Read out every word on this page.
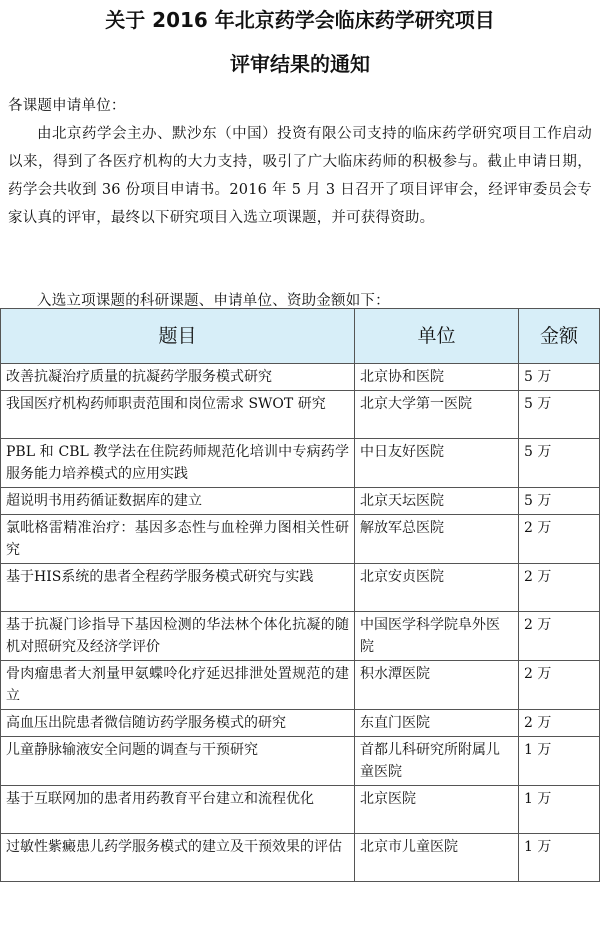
关于 2016 年北京药学会临床药学研究项目
评审结果的通知
各课题申请单位：
由北京药学会主办、默沙东（中国）投资有限公司支持的临床药学研究项目工作启动以来，得到了各医疗机构的大力支持，吸引了广大临床药师的积极参与。截止申请日期，药学会共收到 36 份项目申请书。2016 年 5 月 3 日召开了项目评审会，经评审委员会专家认真的评审，最终以下研究项目入选立项课题，并可获得资助。
入选立项课题的科研课题、申请单位、资助金额如下：
题目	单位	金额
改善抗凝治疗质量的抗凝药学服务模式研究	北京协和医院	5 万
我国医疗机构药师职责范围和岗位需求 SWOT 研究	北京大学第一医院	5 万
PBL 和 CBL 教学法在住院药师规范化培训中专病药学服务能力培养模式的应用实践	中日友好医院	5 万
超说明书用药循证数据库的建立	北京天坛医院	5 万
氯吡格雷精准治疗：基因多态性与血栓弹力图相关性研究	解放军总医院	2 万
基于HIS系统的患者全程药学服务模式研究与实践	北京安贞医院	2 万
基于抗凝门诊指导下基因检测的华法林个体化抗凝的随机对照研究及经济学评价	中国医学科学院阜外医院	2 万
骨肉瘤患者大剂量甲氨蝶呤化疗延迟排泄处置规范的建立	积水潭医院	2 万
高血压出院患者微信随访药学服务模式的研究	东直门医院	2 万
儿童静脉输液安全问题的调查与干预研究	首都儿科研究所附属儿童医院	1 万
基于互联网加的患者用药教育平台建立和流程优化	北京医院	1 万
过敏性紫癜患儿药学服务模式的建立及干预效果的评估	北京市儿童医院	1 万
